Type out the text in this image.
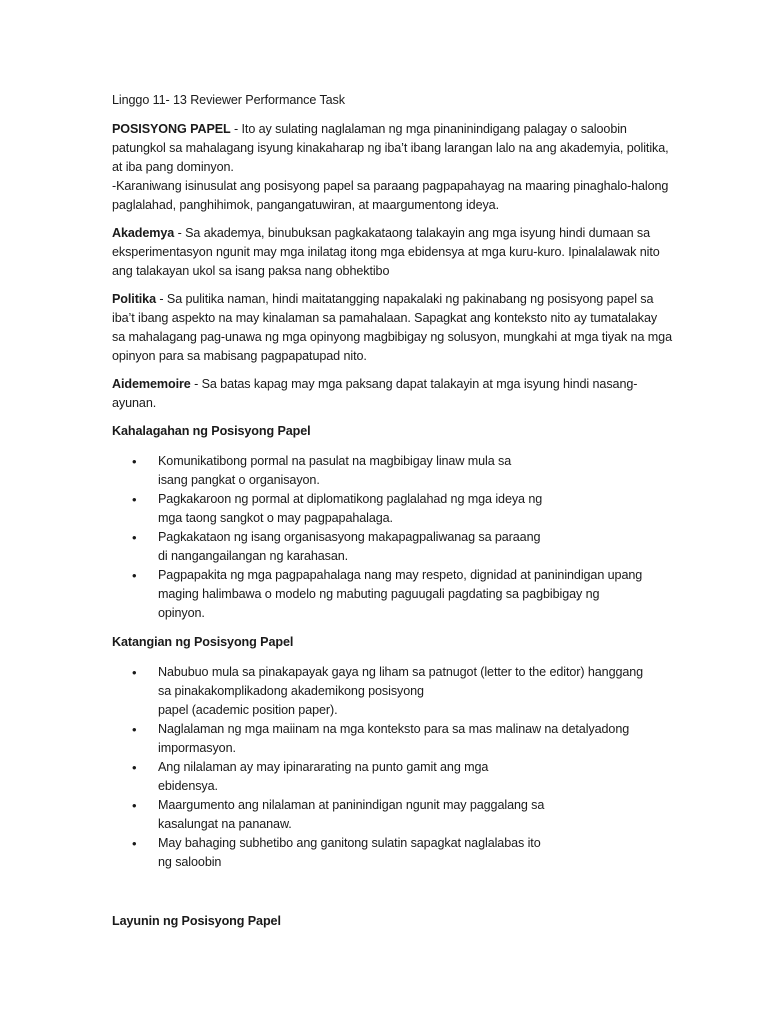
Linggo 11- 13 Reviewer Performance Task

POSISYONG PAPEL - Ito ay sulating naglalaman ng mga pinaninindigang palagay o saloobin patungkol sa mahalagang isyung kinakaharap ng iba’t ibang larangan lalo na ang akademyia, politika, at iba pang dominyon.
-Karaniwang isinusulat ang posisyong papel sa paraang pagpapahayag na maaring pinaghalo-halong paglalahad, panghihimok, pangangatuwiran, at maargumentong ideya.

Akademya - Sa akademya, binubuksan pagkakataong talakayin ang mga isyung hindi dumaan sa eksperimentasyon ngunit may mga inilatag itong mga ebidensya at mga kuru-kuro. Ipinalalawak nito ang talakayan ukol sa isang paksa nang obhektibo

Politika - Sa pulitika naman, hindi maitatangging napakalaki ng pakinabang ng posisyong papel sa iba’t ibang aspekto na may kinalaman sa pamahalaan. Sapagkat ang konteksto nito ay tumatalakay sa mahalagang pag-unawa ng mga opinyong magbibigay ng solusyon, mungkahi at mga tiyak na mga opinyon para sa mabisang pagpapatupad nito.

Aidememoire - Sa batas kapag may mga paksang dapat talakayin at mga isyung hindi nasang-ayunan.

Kahalagahan ng Posisyong Papel

• Komunikatibong pormal na pasulat na magbibigay linaw mula sa
isang pangkat o organisayon.
• Pagkakaroon ng pormal at diplomatikong paglalahad ng mga ideya ng
mga taong sangkot o may pagpapahalaga.
• Pagkakataon ng isang organisasyong makapagpaliwanag sa paraang
di nangangailangan ng karahasan.
• Pagpapakita ng mga pagpapahalaga nang may respeto, dignidad at paninindigan upang
maging halimbawa o modelo ng mabuting paguugali pagdating sa pagbibigay ng
opinyon.

Katangian ng Posisyong Papel

• Nabubuo mula sa pinakapayak gaya ng liham sa patnugot (letter to the editor) hanggang
sa pinakakomplikadong akademikong posisyong
papel (academic position paper).
• Naglalaman ng mga maiinam na mga konteksto para sa mas malinaw na detalyadong
impormasyon.
• Ang nilalaman ay may ipinararating na punto gamit ang mga
ebidensya.
• Maargumento ang nilalaman at paninindigan ngunit may paggalang sa
kasalungat na pananaw.
• May bahaging subhetibo ang ganitong sulatin sapagkat naglalabas ito
ng saloobin

Layunin ng Posisyong Papel
